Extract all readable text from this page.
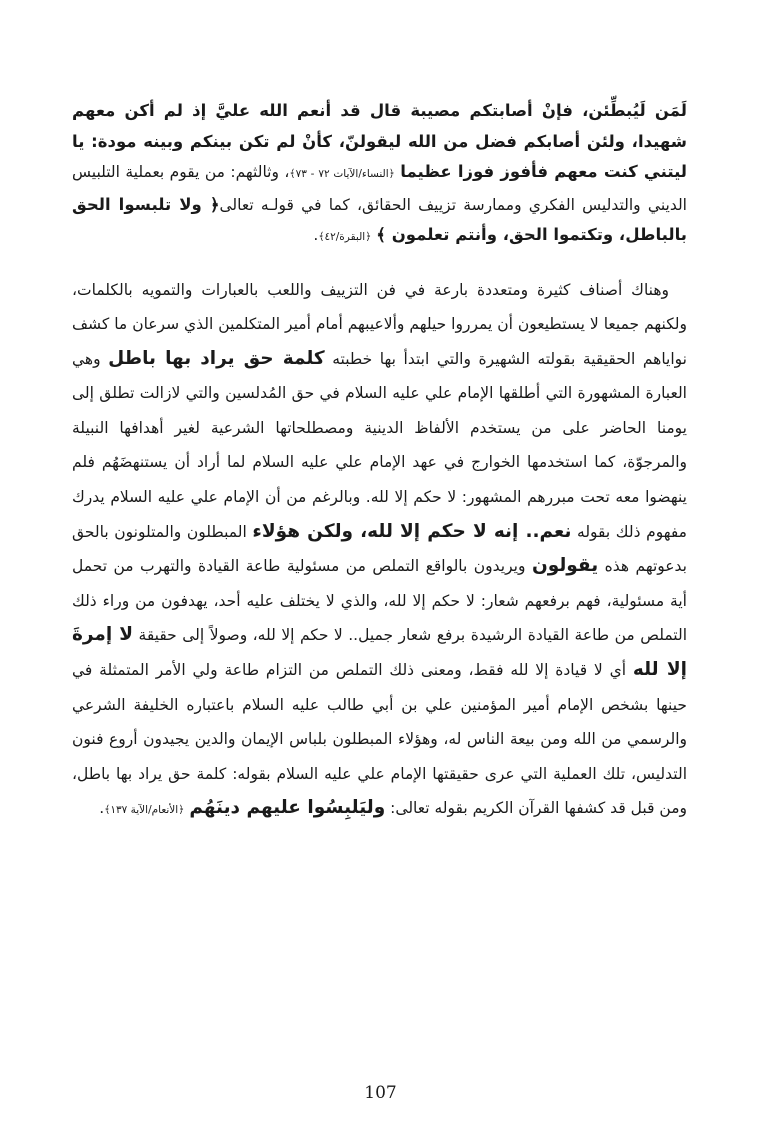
لَمَن لَيُبطِّئن، فإنْ أصابتكم مصيبة قال قد أنعم الله عليَّ إذ لم أكن معهم شهيدا، ولئن أصابكم فضل من الله ليقولنّ، كأنْ لم تكن بينكم وبينه مودة: يا ليتني كنت معهم فأفوز فوزا عظيما ﴿النساء/الآيات ٧٢ - ٧٣﴾، وثالثهم: من يقوم بعملية التلبيس الديني والتدليس الفكري وممارسة تزييف الحقائق، كما في قولـه تعالى﴿ ولا تلبسوا الحق بالباطل، وتكتموا الحق، وأنتم تعلمون ﴾ ﴿البقرة/٤٢﴾.

وهناك أصناف كثيرة ومتعددة بارعة في فن التزييف واللعب بالعبارات والتمويه بالكلمات، ولكنهم جميعا لا يستطيعون أن يمرروا حيلهم وألاعيبهم أمام أمير المتكلمين الذي سرعان ما كشف نواياهم الحقيقية بقولته الشهيرة والتي ابتدأ بها خطبته كلمة حق يراد بها باطل وهي العبارة المشهورة التي أطلقها الإمام علي عليه السلام في حق المُدلسين والتي لازالت تطلق إلى يومنا الحاضر على من يستخدم الألفاظ الدينية ومصطلحاتها الشرعية لغير أهدافها النبيلة والمرجوّة، كما استخدمها الخوارج في عهد الإمام علي عليه السلام لما أراد أن يستنهضَهُم فلم ينهضوا معه تحت مبررهم المشهور: لا حكم إلا لله. وبالرغم من أن الإمام علي عليه السلام يدرك مفهوم ذلك بقوله نعم.. إنه لا حكم إلا لله، ولكن هؤلاء المبطلون والمتلونون بالحق بدعوتهم هذه يقولون ويريدون بالواقع التملص من مسئولية طاعة القيادة والتهرب من تحمل أية مسئولية، فهم برفعهم شعار: لا حكم إلا لله، والذي لا يختلف عليه أحد، يهدفون من وراء ذلك التملص من طاعة القيادة الرشيدة برفع شعار جميل.. لا حكم إلا لله، وصولاً إلى حقيقة لا إمرةَ إلا لله أي لا قيادة إلا لله فقط، ومعنى ذلك التملص من التزام طاعة ولي الأمر المتمثلة في حينها بشخص الإمام أمير المؤمنين علي بن أبي طالب عليه السلام باعتباره الخليفة الشرعي والرسمي من الله ومن بيعة الناس له، وهؤلاء المبطلون بلباس الإيمان والدين يجيدون أروع فنون التدليس، تلك العملية التي عرى حقيقتها الإمام علي عليه السلام بقوله: كلمة حق يراد بها باطل، ومن قبل قد كشفها القرآن الكريم بقوله تعالى: وليَلبِسُوا عليهم دينَهُم ﴿الأنعام/الآية ١٣٧﴾.

107
